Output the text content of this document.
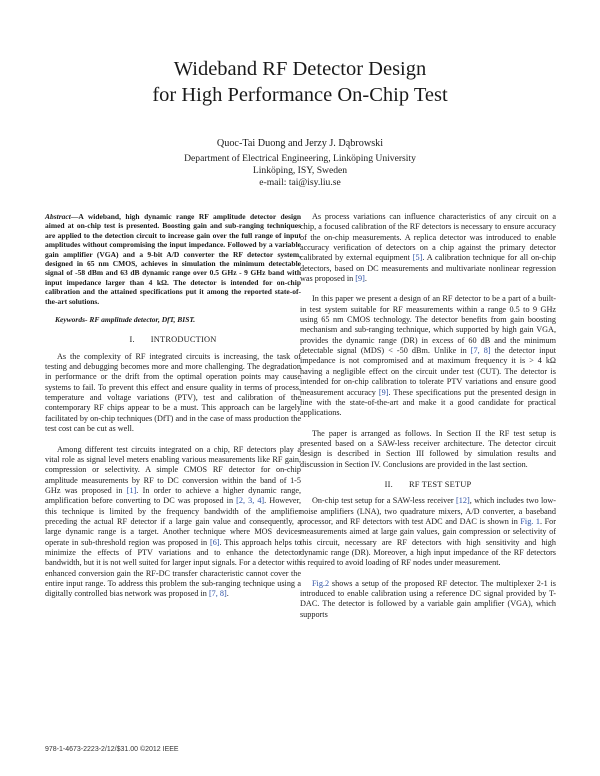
Wideband RF Detector Design
for High Performance On-Chip Test
Quoc-Tai Duong and Jerzy J. Dąbrowski
Department of Electrical Engineering, Linköping University
Linköping, ISY, Sweden
e-mail: tai@isy.liu.se
Abstract—A wideband, high dynamic range RF amplitude detector design aimed at on-chip test is presented. Boosting gain and sub-ranging techniques are applied to the detection circuit to increase gain over the full range of input amplitudes without compromising the input impedance. Followed by a variable gain amplifier (VGA) and a 9-bit A/D converter the RF detector system, designed in 65 nm CMOS, achieves in simulation the minimum detectable signal of -58 dBm and 63 dB dynamic range over 0.5 GHz - 9 GHz band with input impedance larger than 4 kΩ. The detector is intended for on-chip calibration and the attained specifications put it among the reported state-of-the-art solutions.
Keywords- RF amplitude detector, DfT, BIST.
I. INTRODUCTION

As the complexity of RF integrated circuits is increasing, the task of testing and debugging becomes more and more challenging. The degradation in performance or the drift from the optimal operation points may cause systems to fail. To prevent this effect and ensure quality in terms of process, temperature and voltage variations (PTV), test and calibration of the contemporary RF chips appear to be a must. This approach can be largely facilitated by on-chip techniques (DfT) and in the case of mass production the test cost can be cut as well.

Among different test circuits integrated on a chip, RF detectors play a vital role as signal level meters enabling various measurements like RF gain, compression or selectivity. A simple CMOS RF detector for on-chip amplitude measurements by RF to DC conversion within the band of 1-5 GHz was proposed in [1]. In order to achieve a higher dynamic range, amplification before converting to DC was proposed in [2, 3, 4]. However, this technique is limited by the frequency bandwidth of the amplifier preceding the actual RF detector if a large gain value and consequently, a large dynamic range is a target. Another technique where MOS devices operate in sub-threshold region was proposed in [6]. This approach helps to minimize the effects of PTV variations and to enhance the detector bandwidth, but it is not well suited for larger input signals. For a detector with enhanced conversion gain the RF-DC transfer characteristic cannot cover the entire input range. To address this problem the sub-ranging technique using a digitally controlled bias network was proposed in [7, 8].

As process variations can influence characteristics of any circuit on a chip, a focused calibration of the RF detectors is necessary to ensure accuracy of the on-chip measurements. A replica detector was introduced to enable accuracy verification of detectors on a chip against the primary detector calibrated by external equipment [5]. A calibration technique for all on-chip detectors, based on DC measurements and multivariate nonlinear regression was proposed in [9].

In this paper we present a design of an RF detector to be a part of a built-in test system suitable for RF measurements within a range 0.5 to 9 GHz using 65 nm CMOS technology. The detector benefits from gain boosting mechanism and sub-ranging technique, which supported by high gain VGA, provides the dynamic range (DR) in excess of 60 dB and the minimum detectable signal (MDS) < -50 dBm. Unlike in [7, 8] the detector input impedance is not compromised and at maximum frequency it is > 4 kΩ having a negligible effect on the circuit under test (CUT). The detector is intended for on-chip calibration to tolerate PTV variations and ensure good measurement accuracy [9]. These specifications put the presented design in line with the state-of-the-art and make it a good candidate for practical applications.

The paper is arranged as follows. In Section II the RF test setup is presented based on a SAW-less receiver architecture. The detector circuit design is described in Section III followed by simulation results and discussion in Section IV. Conclusions are provided in the last section.

II. RF TEST SETUP

On-chip test setup for a SAW-less receiver [12], which includes two low-noise amplifiers (LNA), two quadrature mixers, A/D converter, a baseband processor, and RF detectors with test ADC and DAC is shown in Fig. 1. For measurements aimed at large gain values, gain compression or selectivity of this circuit, necessary are RF detectors with high sensitivity and high dynamic range (DR). Moreover, a high input impedance of the RF detectors is required to avoid loading of RF nodes under measurement.

Fig.2 shows a setup of the proposed RF detector. The multiplexer 2-1 is introduced to enable calibration using a reference DC signal provided by T-DAC. The detector is followed by a variable gain amplifier (VGA), which supports

978-1-4673-2223-2/12/$31.00 ©2012 IEEE
